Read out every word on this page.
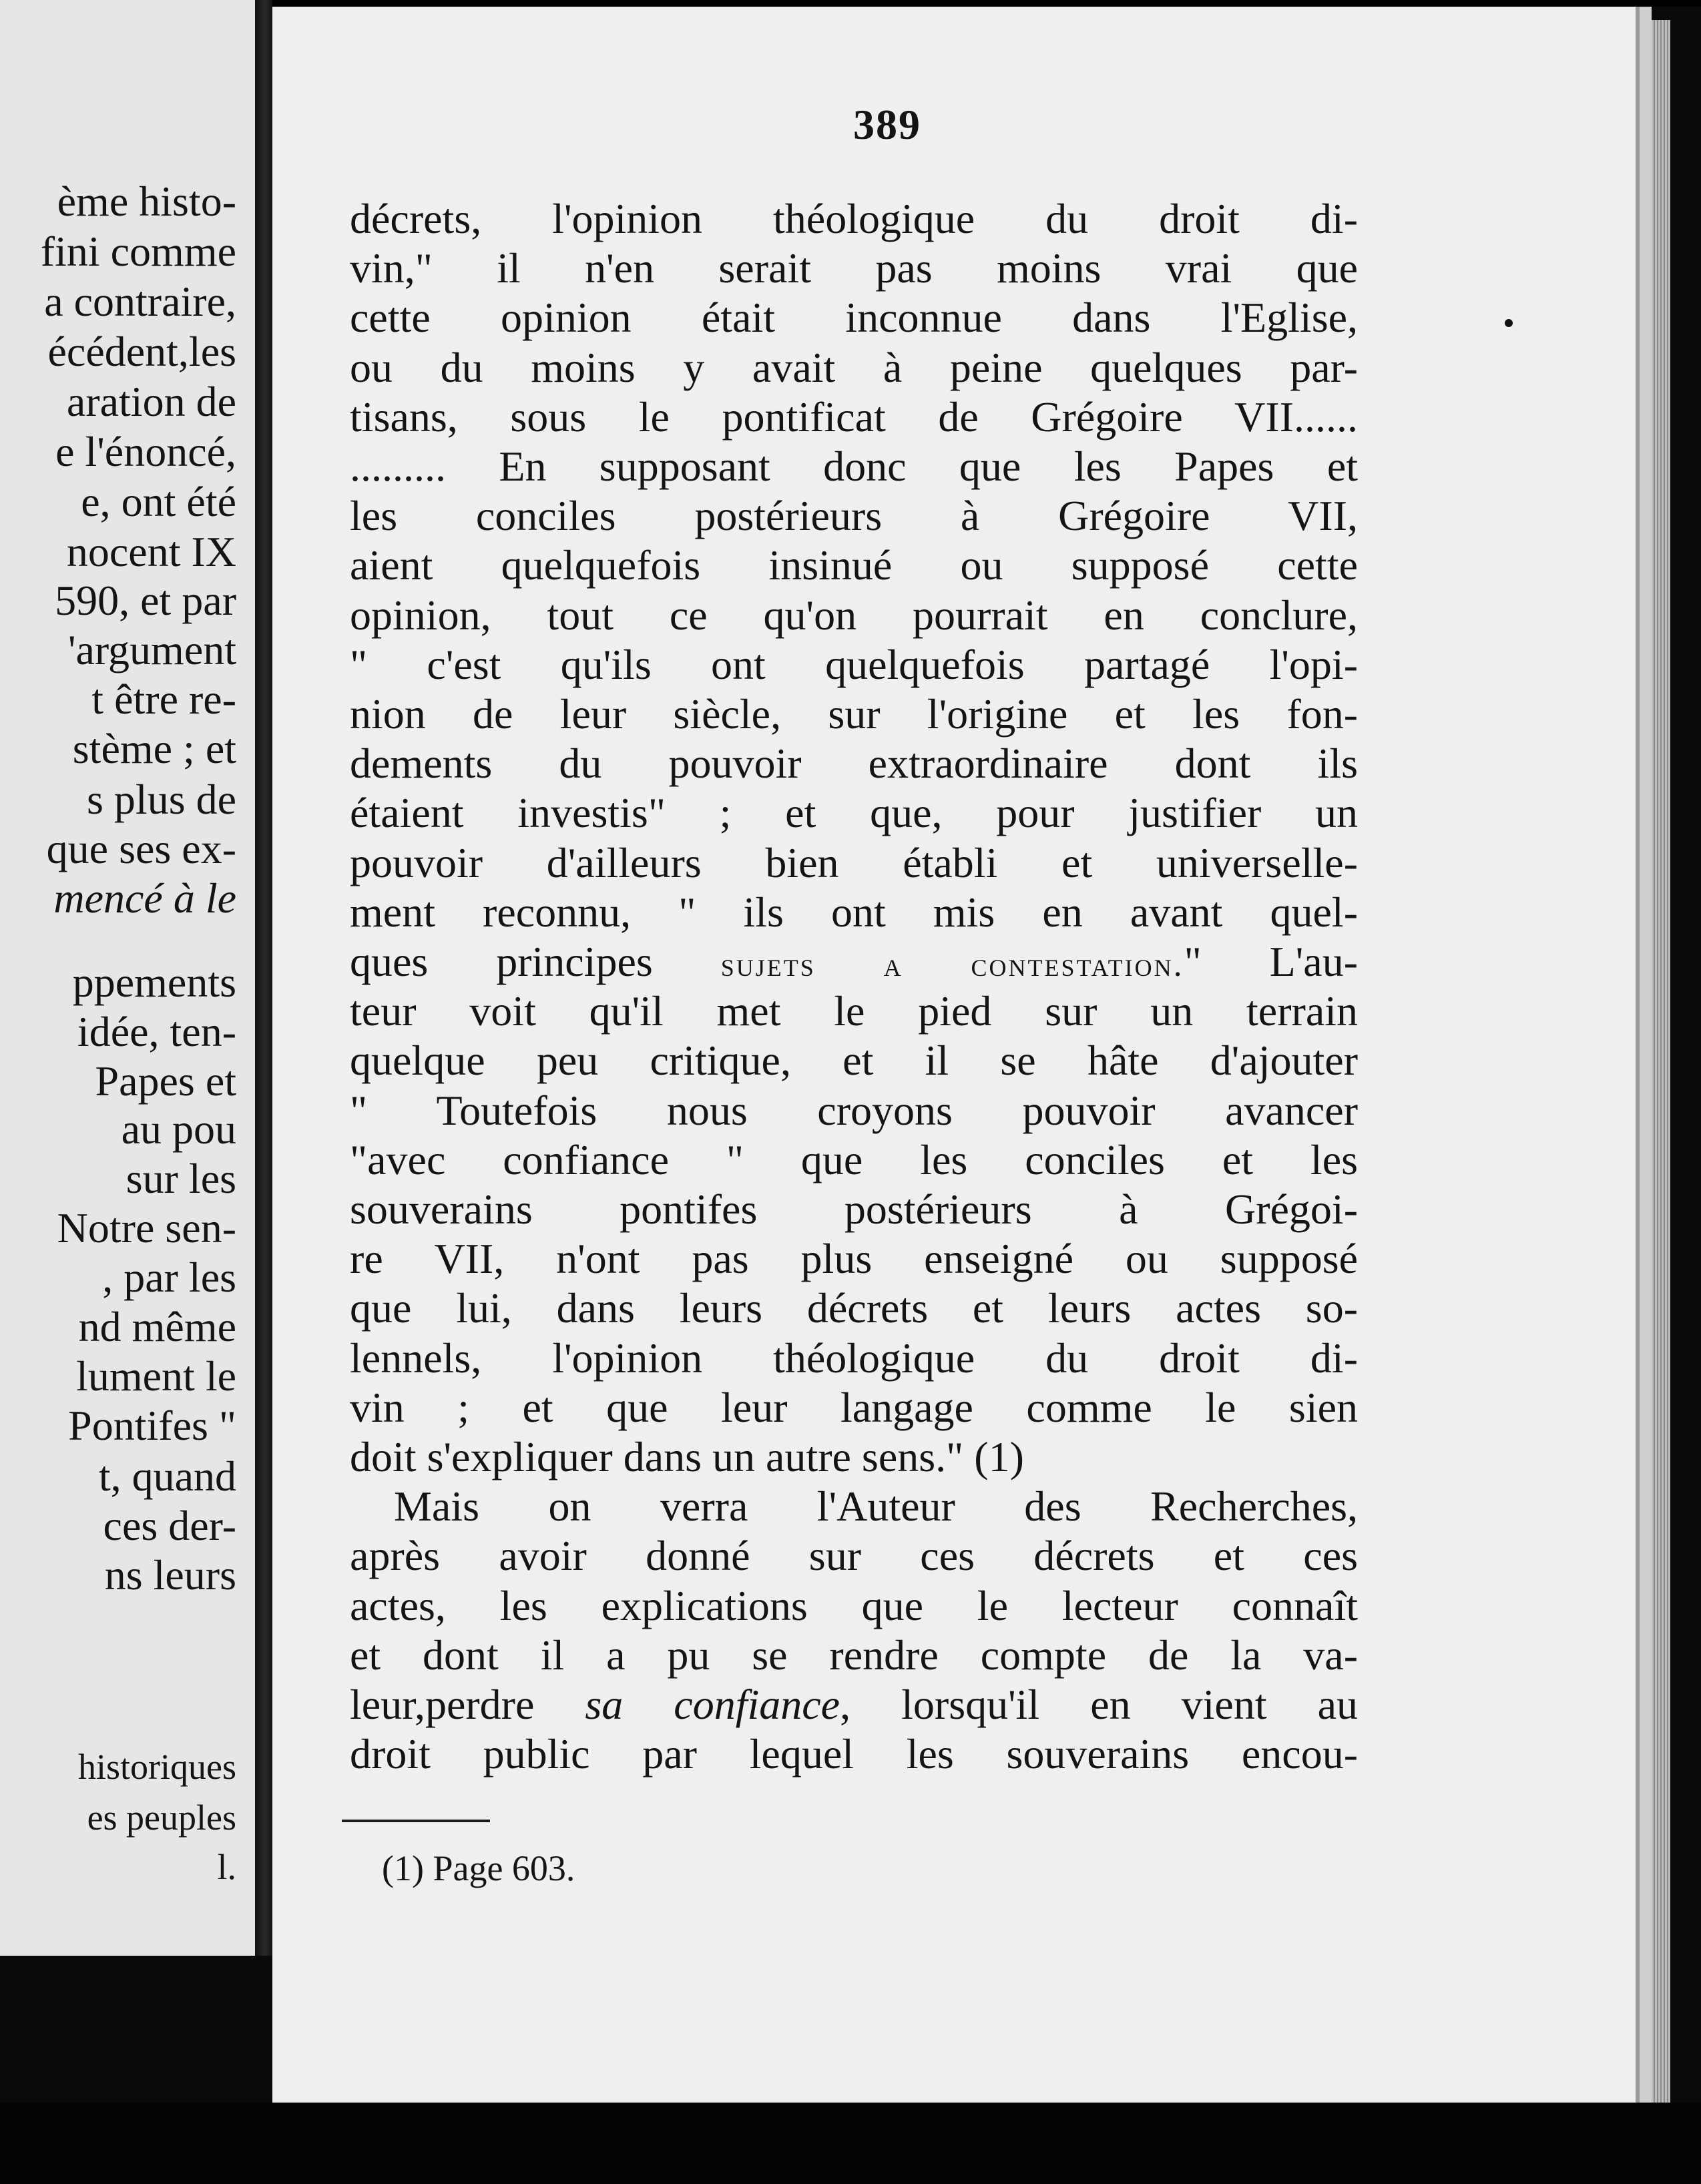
ème histo-
fini comme
a contraire,
écédent,les
aration de
e l'énoncé,
e, ont été
nocent IX
590, et par
'argument
t être re-
stème ; et
s plus de
que ses ex-
mencé à le
ppements
idée, ten-
Papes et
au pou
sur les
Notre sen-
, par les
nd même
lument le
Pontifes "
t, quand
ces der-
ns leurs
historiques
es peuples
l.
389
décrets, l'opinion théologique du droit di-
vin," il n'en serait pas moins vrai que
cette opinion était inconnue dans l'Eglise,
ou du moins y avait à peine quelques par-
tisans, sous le pontificat de Grégoire VII......
......... En supposant donc que les Papes et
les conciles postérieurs à Grégoire VII,
aient quelquefois insinué ou supposé cette
opinion, tout ce qu'on pourrait en conclure,
" c'est qu'ils ont quelquefois partagé l'opi-
nion de leur siècle, sur l'origine et les fon-
dements du pouvoir extraordinaire dont ils
étaient investis" ; et que, pour justifier un
pouvoir d'ailleurs bien établi et universelle-
ment reconnu, " ils ont mis en avant quel-
ques principes sujets a contestation." L'au-
teur voit qu'il met le pied sur un terrain
quelque peu critique, et il se hâte d'ajouter
" Toutefois nous croyons pouvoir avancer
"avec confiance " que les conciles et les
souverains pontifes postérieurs à Grégoi-
re VII, n'ont pas plus enseigné ou supposé
que lui, dans leurs décrets et leurs actes so-
lennels, l'opinion théologique du droit di-
vin ; et que leur langage comme le sien
doit s'expliquer dans un autre sens." (1)
Mais on verra l'Auteur des Recherches,
après avoir donné sur ces décrets et ces
actes, les explications que le lecteur connaît
et dont il a pu se rendre compte de la va-
leur,perdre sa confiance, lorsqu'il en vient au
droit public par lequel les souverains encou-
(1) Page 603.
